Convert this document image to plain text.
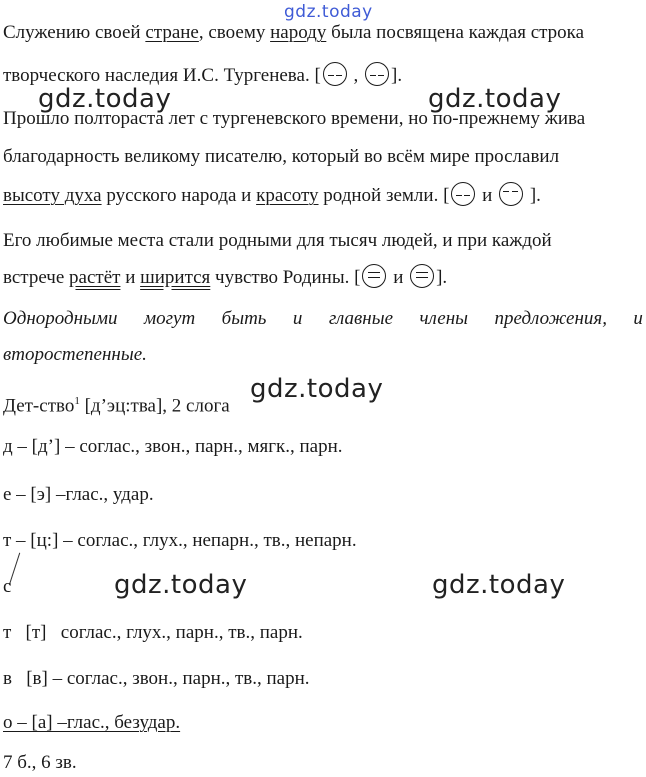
gdz.today
gdz.today	gdz.today
gdz.today
gdz.today	gdz.today
Служению своей стране, своему народу была посвящена каждая строка
творческого наследия И.С. Тургенева. [
,
].
Прошло полтораста лет с тургеневского времени, но по-прежнему жива
благодарность великому писателю, который во всём мире прославил
высоту духа русского народа и красоту родной земли. [
и
].
Его любимые места стали родными для тысяч людей, и при каждой
встрече растёт и ширится чувство Родины. [
и
].
Однородными могут быть и главные члены предложения, и
второстепенные.
Дет-ство$^1$ [д’эц:тва], 2 слога
д – [д’] – соглас., звон., парн., мягк., парн.
е – [э] –глас., удар.
т – [ц:] – соглас., глух., непарн., тв., непарн.
с
т   [т]   соглас., глух., парн., тв., парн.
в   [в] – соглас., звон., парн., тв., парн.
о – [а] –глас., безудар.
7 б., 6 зв.
